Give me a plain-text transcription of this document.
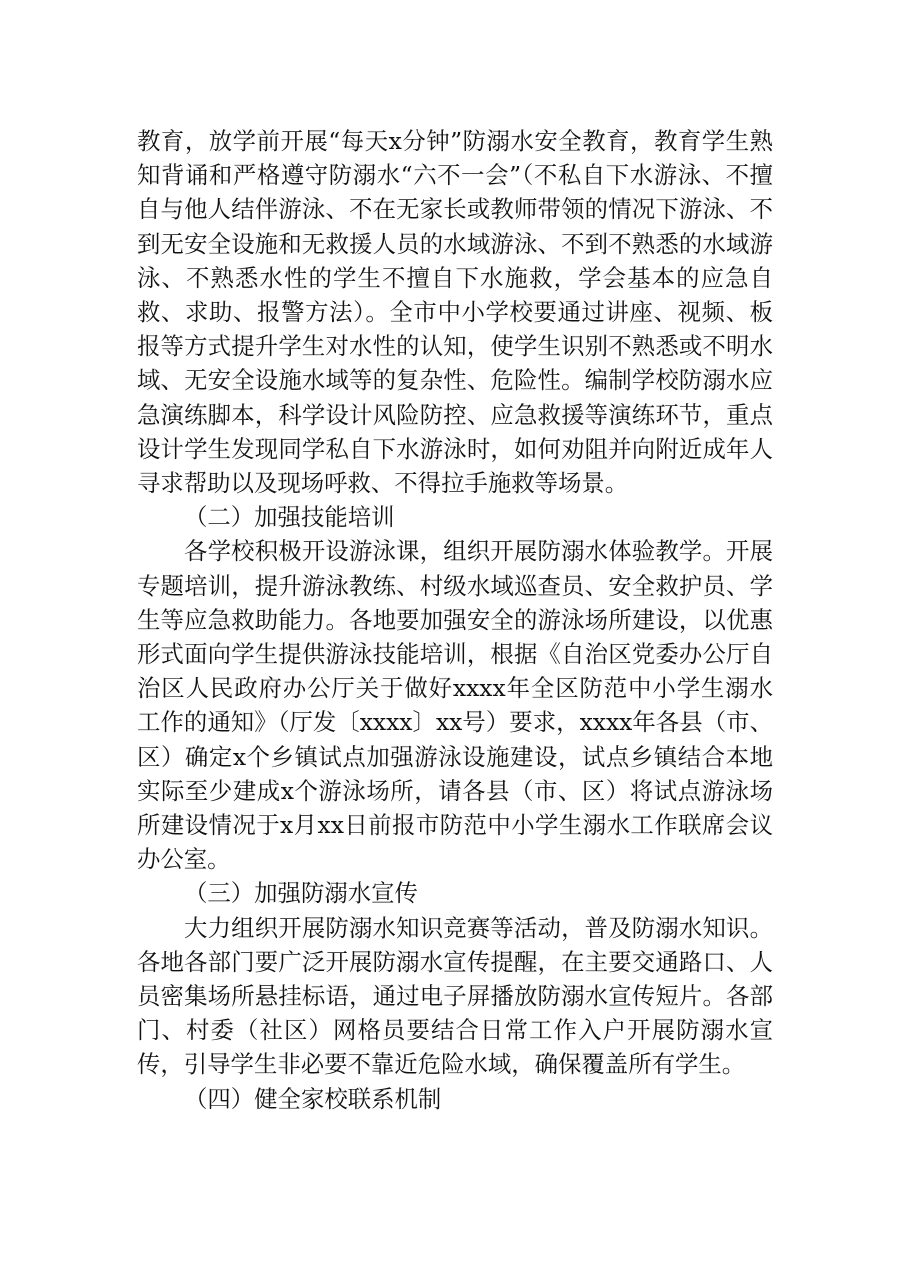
教育，放学前开展“每天x分钟”防溺水安全教育，教育学生熟知背诵和严格遵守防溺水“六不一会”（不私自下水游泳、不擅自与他人结伴游泳、不在无家长或教师带领的情况下游泳、不到无安全设施和无救援人员的水域游泳、不到不熟悉的水域游泳、不熟悉水性的学生不擅自下水施救，学会基本的应急自救、求助、报警方法）。全市中小学校要通过讲座、视频、板报等方式提升学生对水性的认知，使学生识别不熟悉或不明水域、无安全设施水域等的复杂性、危险性。编制学校防溺水应急演练脚本，科学设计风险防控、应急救援等演练环节，重点设计学生发现同学私自下水游泳时，如何劝阻并向附近成年人寻求帮助以及现场呼救、不得拉手施救等场景。

（二）加强技能培训

各学校积极开设游泳课，组织开展防溺水体验教学。开展专题培训，提升游泳教练、村级水域巡查员、安全救护员、学生等应急救助能力。各地要加强安全的游泳场所建设，以优惠形式面向学生提供游泳技能培训，根据《自治区党委办公厅自治区人民政府办公厅关于做好xxxx年全区防范中小学生溺水工作的通知》（厅发〔xxxx〕xx号）要求，xxxx年各县（市、区）确定x个乡镇试点加强游泳设施建设，试点乡镇结合本地实际至少建成x个游泳场所，请各县（市、区）将试点游泳场所建设情况于x月xx日前报市防范中小学生溺水工作联席会议办公室。

（三）加强防溺水宣传

大力组织开展防溺水知识竞赛等活动，普及防溺水知识。各地各部门要广泛开展防溺水宣传提醒，在主要交通路口、人员密集场所悬挂标语，通过电子屏播放防溺水宣传短片。各部门、村委（社区）网格员要结合日常工作入户开展防溺水宣传，引导学生非必要不靠近危险水域，确保覆盖所有学生。

（四）健全家校联系机制
